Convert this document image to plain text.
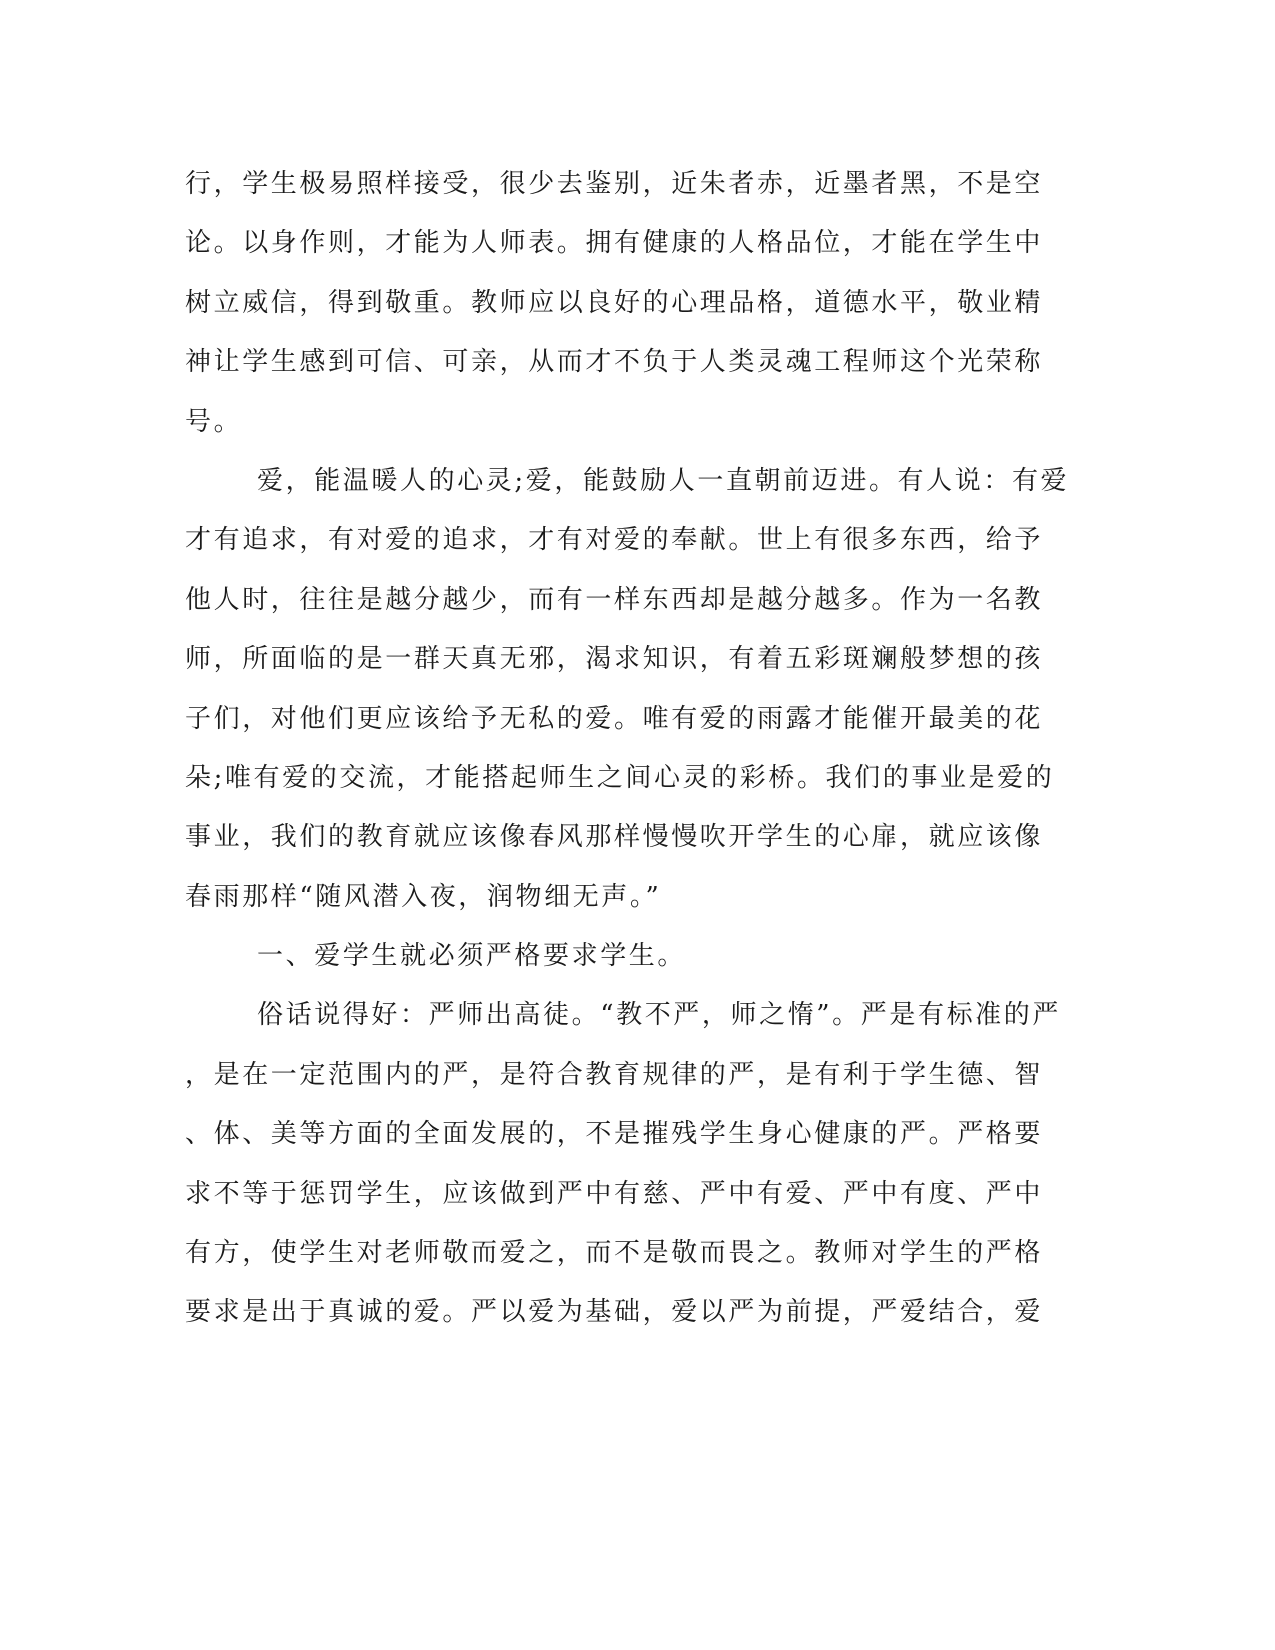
行，学生极易照样接受，很少去鉴别，近朱者赤，近墨者黑，不是空
论。以身作则，才能为人师表。拥有健康的人格品位，才能在学生中
树立威信，得到敬重。教师应以良好的心理品格，道德水平，敬业精
神让学生感到可信、可亲，从而才不负于人类灵魂工程师这个光荣称
号。
爱，能温暖人的心灵;爱，能鼓励人一直朝前迈进。有人说：有爱
才有追求，有对爱的追求，才有对爱的奉献。世上有很多东西，给予
他人时，往往是越分越少，而有一样东西却是越分越多。作为一名教
师，所面临的是一群天真无邪，渴求知识，有着五彩斑斓般梦想的孩
子们，对他们更应该给予无私的爱。唯有爱的雨露才能催开最美的花
朵;唯有爱的交流，才能搭起师生之间心灵的彩桥。我们的事业是爱的
事业，我们的教育就应该像春风那样慢慢吹开学生的心扉，就应该像
春雨那样“随风潜入夜，润物细无声。”
一、爱学生就必须严格要求学生。
俗话说得好：严师出高徒。“教不严，师之惰”。严是有标准的严
，是在一定范围内的严，是符合教育规律的严，是有利于学生德、智
、体、美等方面的全面发展的，不是摧残学生身心健康的严。严格要
求不等于惩罚学生，应该做到严中有慈、严中有爱、严中有度、严中
有方，使学生对老师敬而爱之，而不是敬而畏之。教师对学生的严格
要求是出于真诚的爱。严以爱为基础，爱以严为前提，严爱结合，爱
